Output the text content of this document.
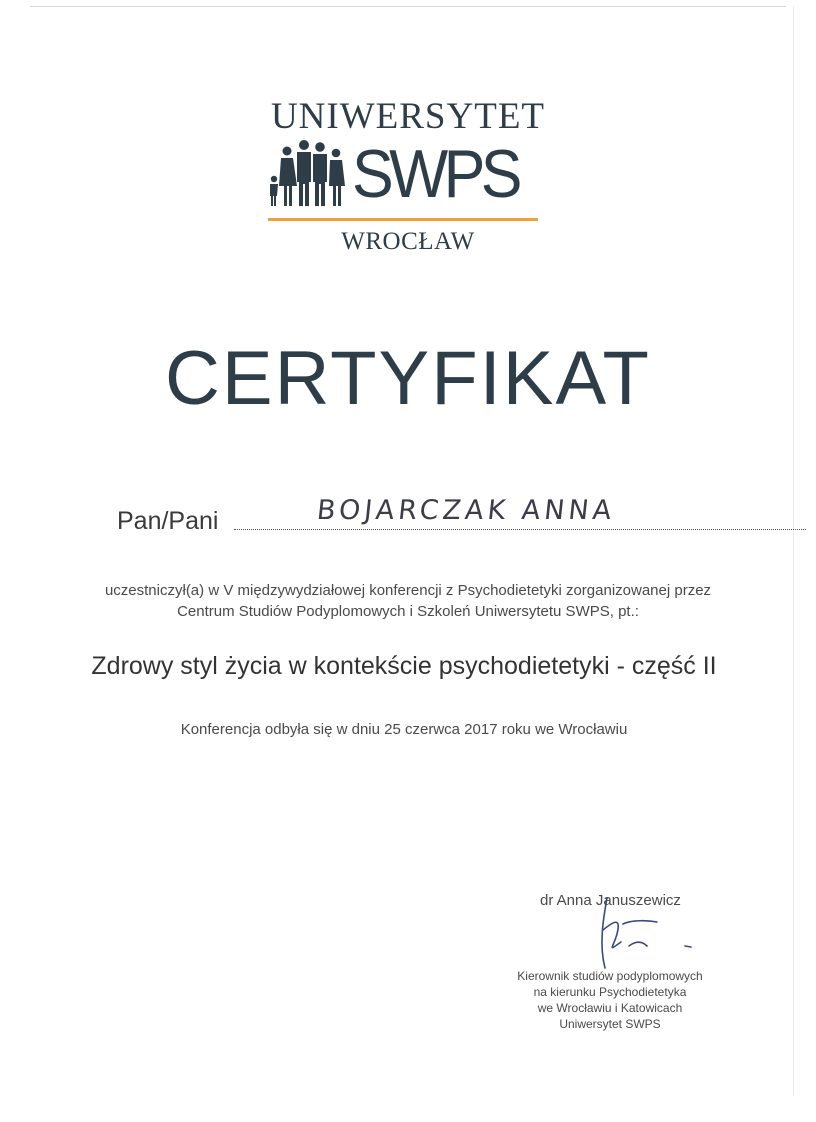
UNIWERSYTET
SWPS
WROCŁAW
CERTYFIKAT
Pan/Pani	BOJARCZAK ANNA
uczestniczył(a) w V międzywydziałowej konferencji z Psychodietetyki zorganizowanej przez
Centrum Studiów Podyplomowych i Szkoleń Uniwersytetu SWPS, pt.:
Zdrowy styl życia w kontekście psychodietetyki - część II
Konferencja odbyła się w dniu 25 czerwca 2017 roku we Wrocławiu
dr Anna Januszewicz
Kierownik studiów podyplomowych
na kierunku Psychodietetyka
we Wrocławiu i Katowicach
Uniwersytet SWPS
